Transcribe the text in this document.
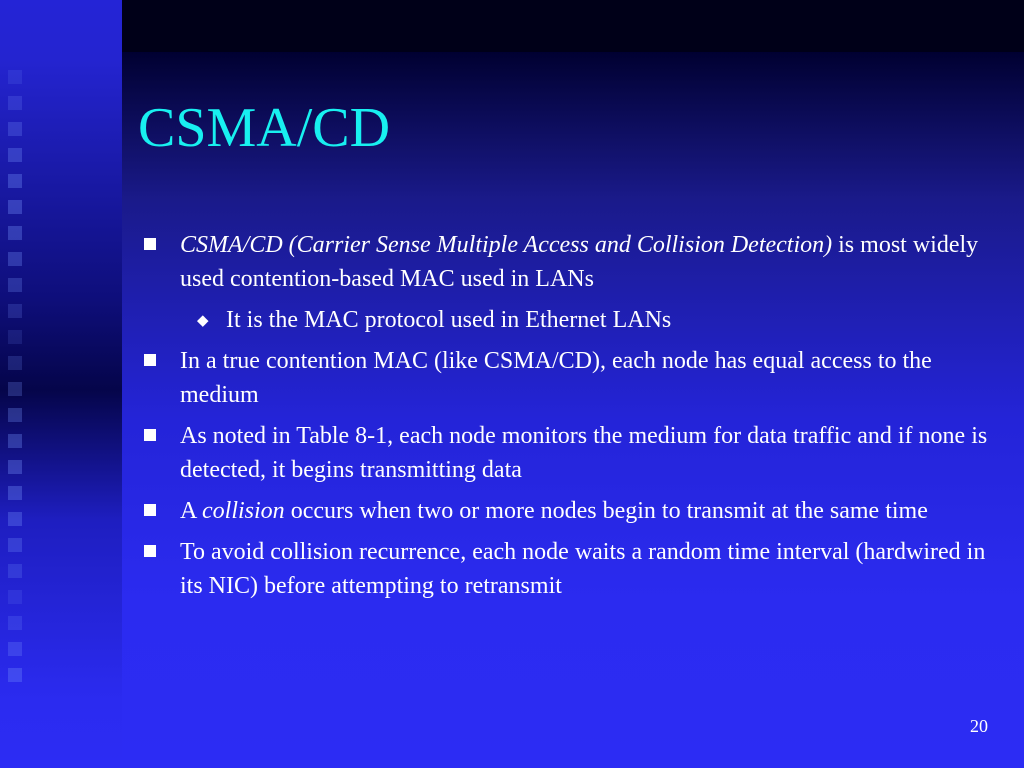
CSMA/CD
CSMA/CD (Carrier Sense Multiple Access and Collision Detection) is most widely used contention-based MAC used in LANs
◆ It is the MAC protocol used in Ethernet LANs
In a true contention MAC (like CSMA/CD), each node has equal access to the medium
As noted in Table 8-1, each node monitors the medium for data traffic and if none is detected, it begins transmitting data
A collision occurs when two or more nodes begin to transmit at the same time
To avoid collision recurrence, each node waits a random time interval (hardwired in its NIC) before attempting to retransmit
20
